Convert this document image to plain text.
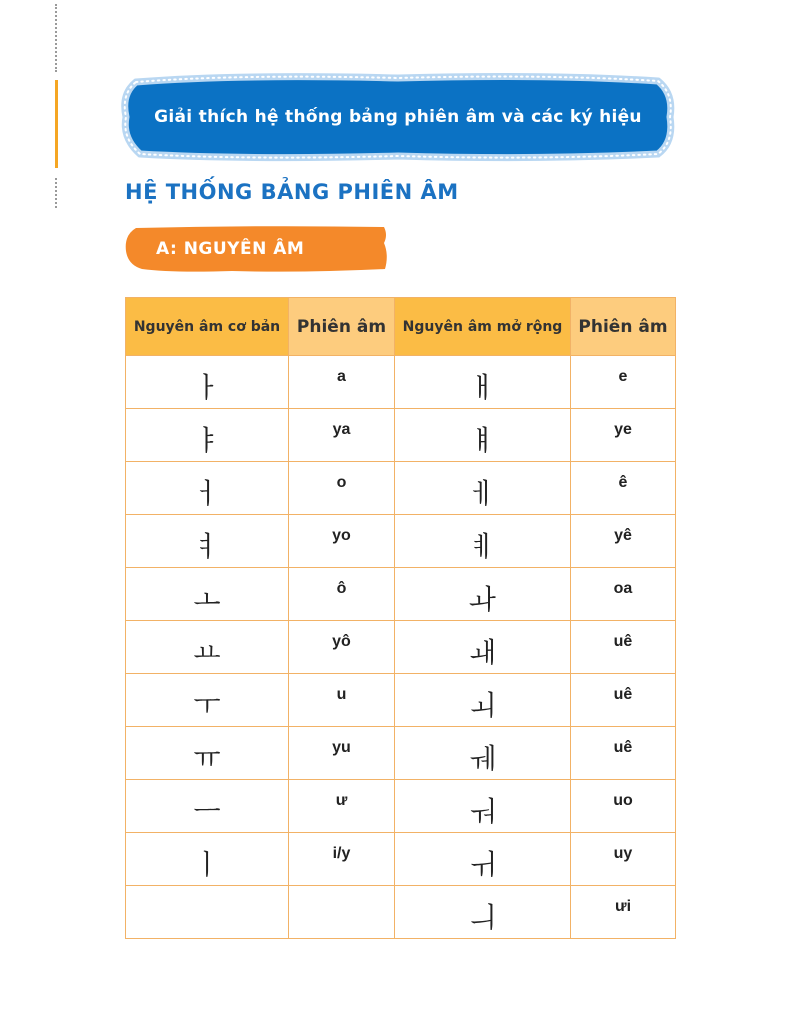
Giải thích hệ thống bảng phiên âm và các ký hiệu
HỆ THỐNG BẢNG PHIÊN ÂM
A: NGUYÊN ÂM
Nguyên âm cơ bản	Phiên âm	Nguyên âm mở rộng	Phiên âm
ㅏ	a	ㅐ	e
ㅑ	ya	ㅒ	ye
ㅓ	o	ㅔ	ê
ㅕ	yo	ㅖ	yê
ㅗ	ô	ㅘ	oa
ㅛ	yô	ㅙ	uê
ㅜ	u	ㅚ	uê
ㅠ	yu	ㅞ	uê
ㅡ	ư	ㅝ	uo
ㅣ	i/y	ㅟ	uy
		ㅢ	ưi
